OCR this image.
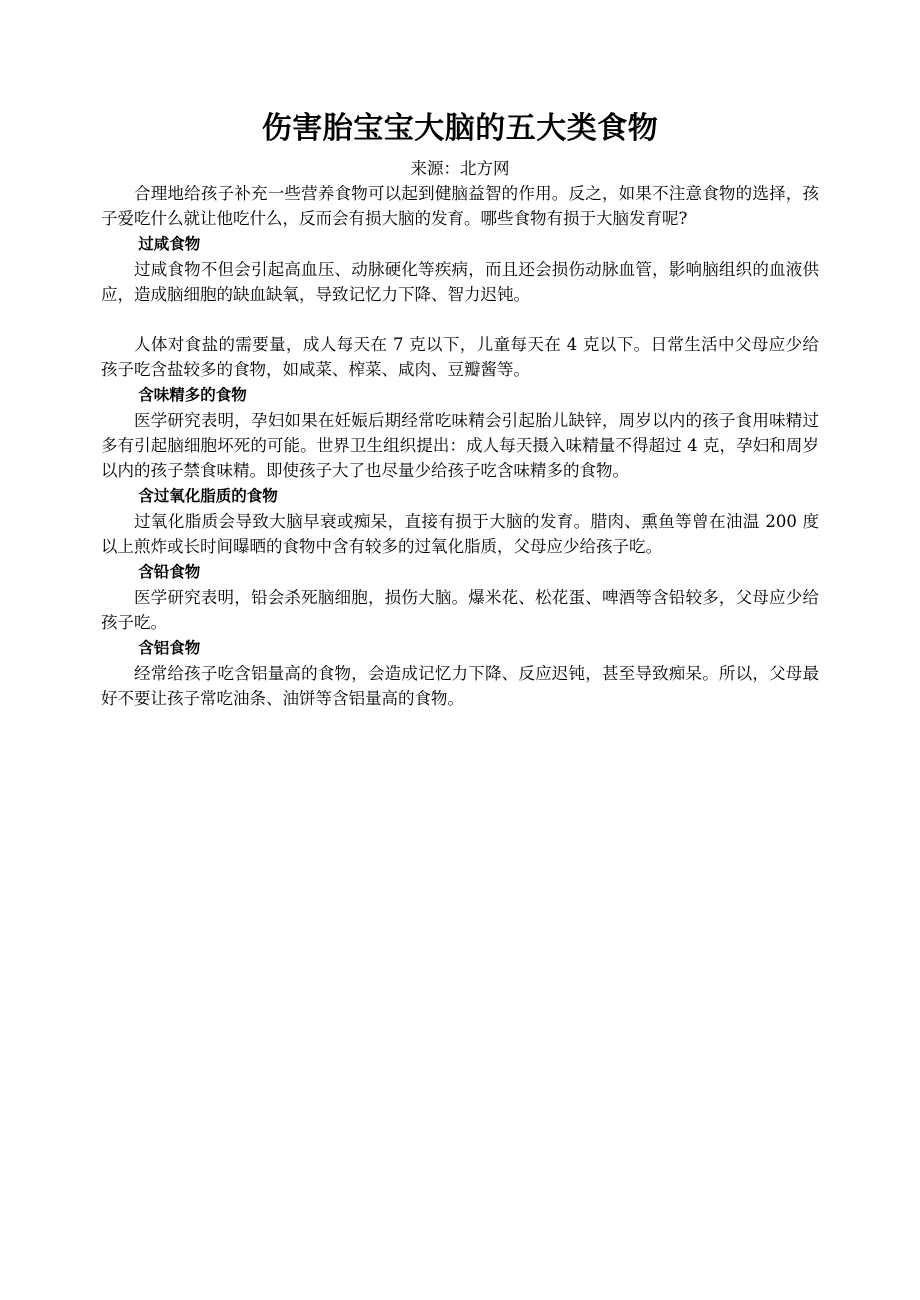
伤害胎宝宝大脑的五大类食物

来源：北方网

合理地给孩子补充一些营养食物可以起到健脑益智的作用。反之，如果不注意食物的选择，孩子爱吃什么就让他吃什么，反而会有损大脑的发育。哪些食物有损于大脑发育呢?

过咸食物

过咸食物不但会引起高血压、动脉硬化等疾病，而且还会损伤动脉血管，影响脑组织的血液供应，造成脑细胞的缺血缺氧，导致记忆力下降、智力迟钝。

人体对食盐的需要量，成人每天在 7 克以下，儿童每天在 4 克以下。日常生活中父母应少给孩子吃含盐较多的食物，如咸菜、榨菜、咸肉、豆瓣酱等。

含味精多的食物

医学研究表明，孕妇如果在妊娠后期经常吃味精会引起胎儿缺锌，周岁以内的孩子食用味精过多有引起脑细胞坏死的可能。世界卫生组织提出：成人每天摄入味精量不得超过 4 克，孕妇和周岁以内的孩子禁食味精。即使孩子大了也尽量少给孩子吃含味精多的食物。

含过氧化脂质的食物

过氧化脂质会导致大脑早衰或痴呆，直接有损于大脑的发育。腊肉、熏鱼等曾在油温 200 度以上煎炸或长时间曝晒的食物中含有较多的过氧化脂质，父母应少给孩子吃。

含铅食物

医学研究表明，铅会杀死脑细胞，损伤大脑。爆米花、松花蛋、啤酒等含铅较多，父母应少给孩子吃。

含铝食物

经常给孩子吃含铝量高的食物，会造成记忆力下降、反应迟钝，甚至导致痴呆。所以，父母最好不要让孩子常吃油条、油饼等含铝量高的食物。
